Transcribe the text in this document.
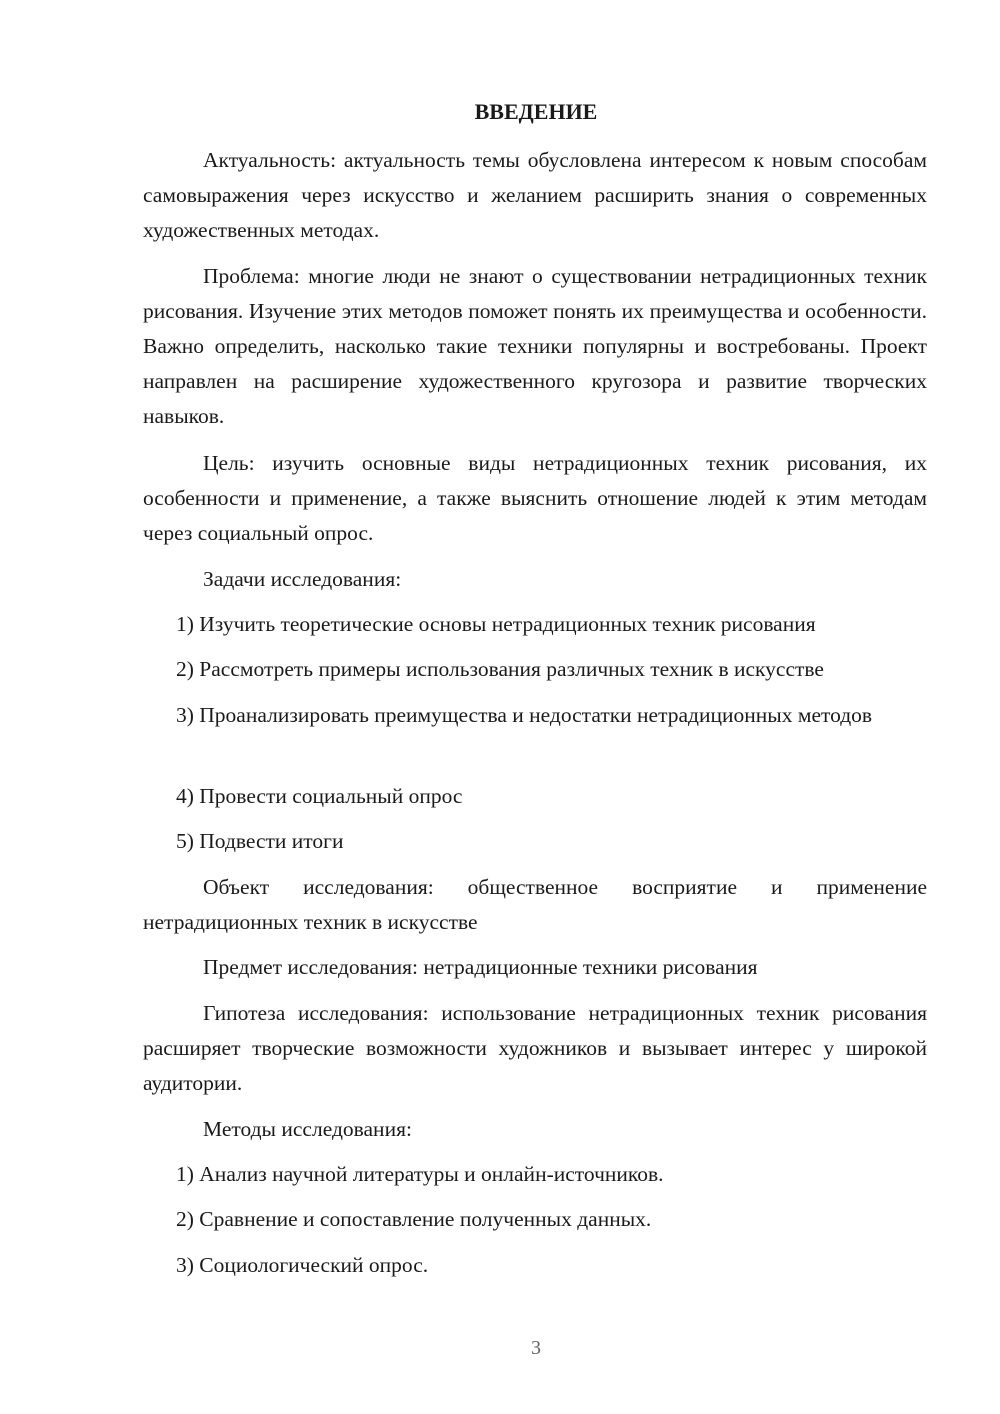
ВВЕДЕНИЕ

Актуальность: актуальность темы обусловлена интересом к новым способам самовыражения через искусство и желанием расширить знания о современных художественных методах.

Проблема: многие люди не знают о существовании нетрадиционных техник рисования. Изучение этих методов поможет понять их преимущества и особенности. Важно определить, насколько такие техники популярны и востребованы. Проект направлен на расширение художественного кругозора и развитие творческих навыков.

Цель: изучить основные виды нетрадиционных техник рисования, их особенности и применение, а также выяснить отношение людей к этим методам через социальный опрос.

Задачи исследования:

1) Изучить теоретические основы нетрадиционных техник рисования

2) Рассмотреть примеры использования различных техник в искусстве

3) Проанализировать преимущества и недостатки нетрадиционных методов

4) Провести социальный опрос

5) Подвести итоги

Объект исследования: общественное восприятие и применение нетрадиционных техник в искусстве

Предмет исследования: нетрадиционные техники рисования

Гипотеза исследования: использование нетрадиционных техник рисования расширяет творческие возможности художников и вызывает интерес у широкой аудитории.

Методы исследования:

1) Анализ научной литературы и онлайн-источников.

2) Сравнение и сопоставление полученных данных.

3) Социологический опрос.

3
